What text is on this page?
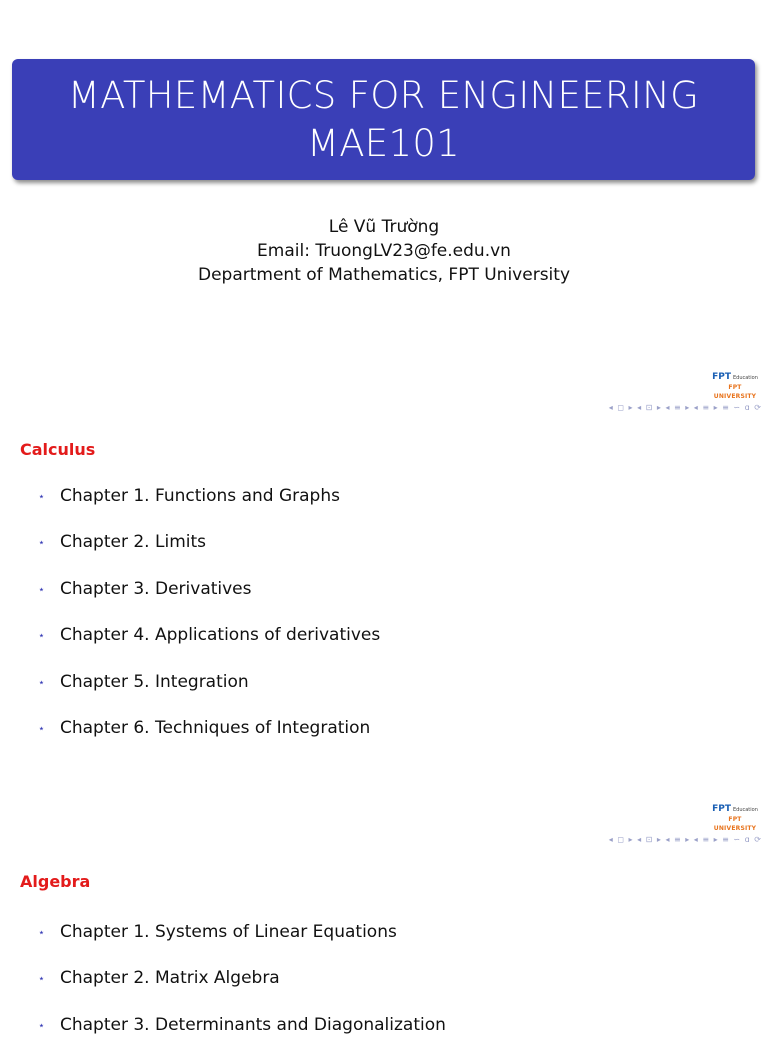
MATHEMATICS FOR ENGINEERING
MAE101
Lê Vũ Trường
Email: TruongLV23@fe.edu.vn
Department of Mathematics, FPT University
FPT Education
FPT UNIVERSITY
◂ ◻ ▸ ◂ ⊡ ▸ ◂ ≡ ▸ ◂ ≡ ▸ ≡ ∽ ɑ ⟳
Calculus
⋆ Chapter 1. Functions and Graphs
⋆ Chapter 2. Limits
⋆ Chapter 3. Derivatives
⋆ Chapter 4. Applications of derivatives
⋆ Chapter 5. Integration
⋆ Chapter 6. Techniques of Integration
FPT Education
FPT UNIVERSITY
◂ ◻ ▸ ◂ ⊡ ▸ ◂ ≡ ▸ ◂ ≡ ▸ ≡ ∽ ɑ ⟳
Algebra
⋆ Chapter 1. Systems of Linear Equations
⋆ Chapter 2. Matrix Algebra
⋆ Chapter 3. Determinants and Diagonalization
